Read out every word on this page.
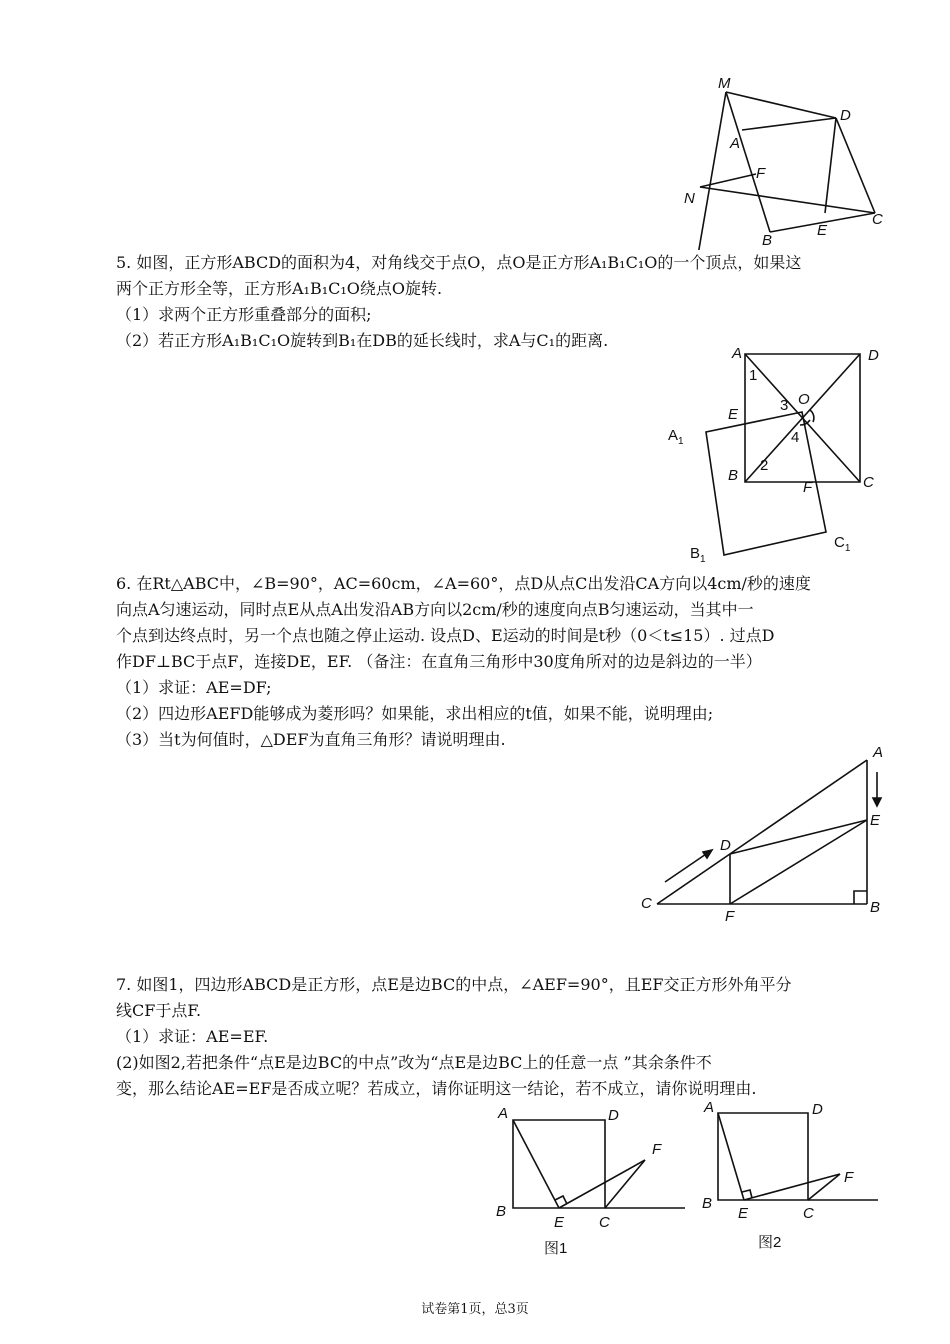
M
D
A
F
N
C
B
E
5. 如图，正方形ABCD的面积为4，对角线交于点O，点O是正方形A₁B₁C₁O的一个顶点，如果这
两个正方形全等，正方形A₁B₁C₁O绕点O旋转.
（1）求两个正方形重叠部分的面积;
（2）若正方形A₁B₁C₁O旋转到B₁在DB的延长线时，求A与C₁的距离.
A	D
O
E
$A_1$
B	C
F
$B_1$
$C_1$
1
2
3
4
6. 在Rt△ABC中，∠B=90°，AC=60cm，∠A=60°，点D从点C出发沿CA方向以4cm/秒的速度
向点A匀速运动，同时点E从点A出发沿AB方向以2cm/秒的速度向点B匀速运动，当其中一
个点到达终点时，另一个点也随之停止运动. 设点D、E运动的时间是t秒（0＜t≤15）. 过点D
作DF⊥BC于点F，连接DE，EF. （备注：在直角三角形中30度角所对的边是斜边的一半）
（1）求证：AE=DF;
（2）四边形AEFD能够成为菱形吗？如果能，求出相应的t值，如果不能，说明理由;
（3）当t为何值时，△DEF为直角三角形？请说明理由.
A
D
E
C
F
B
7. 如图1，四边形ABCD是正方形，点E是边BC的中点，∠AEF=90°，且EF交正方形外角平分
线CF于点F.
（1）求证：AE=EF.
(2)如图2,若把条件“点E是边BC的中点”改为“点E是边BC上的任意一点 ”其余条件不
变，那么结论AE=EF是否成立呢？若成立，请你证明这一结论，若不成立，请你说明理由.
A	D
F
B
E C
图1
A	D
F
B
E	C
图2
试卷第1页，总3页
